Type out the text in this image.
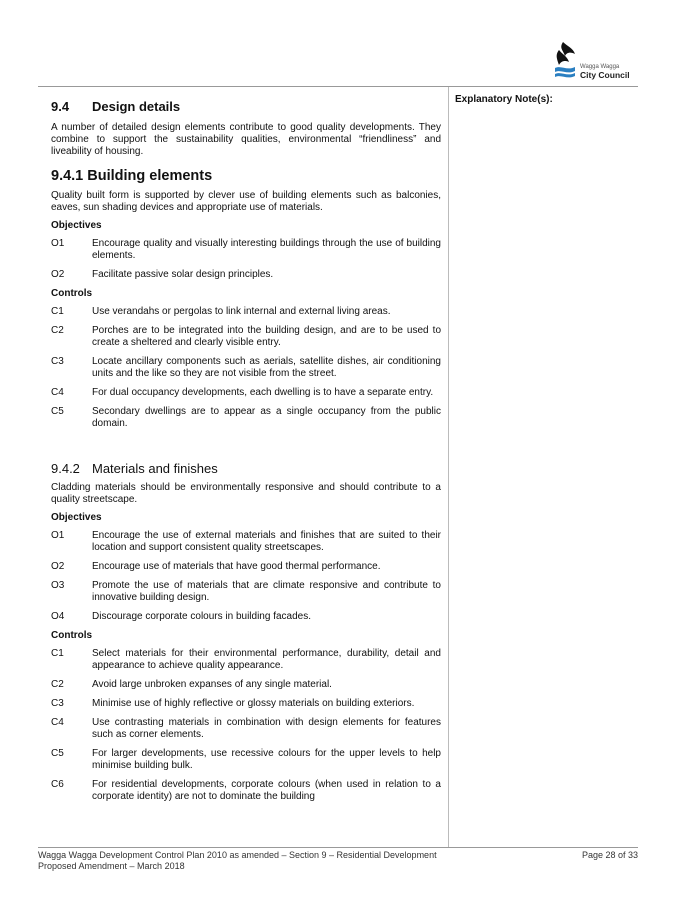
Wagga Wagga
City Council
Explanatory Note(s):
9.4 Design details

A number of detailed design elements contribute to good quality developments. They combine to support the sustainability qualities, environmental “friendliness” and liveability of housing.

9.4.1 Building elements

Quality built form is supported by clever use of building elements such as balconies, eaves, sun shading devices and appropriate use of materials.

Objectives
O1	Encourage quality and visually interesting buildings through the use of building elements.
O2	Facilitate passive solar design principles.
Controls
C1	Use verandahs or pergolas to link internal and external living areas.
C2	Porches are to be integrated into the building design, and are to be used to create a sheltered and clearly visible entry.
C3	Locate ancillary components such as aerials, satellite dishes, air conditioning units and the like so they are not visible from the street.
C4	For dual occupancy developments, each dwelling is to have a separate entry.
C5	Secondary dwellings are to appear as a single occupancy from the public domain.
9.4.2 Materials and finishes

Cladding materials should be environmentally responsive and should contribute to a quality streetscape.

Objectives
O1	Encourage the use of external materials and finishes that are suited to their location and support consistent quality streetscapes.
O2	Encourage use of materials that have good thermal performance.
O3	Promote the use of materials that are climate responsive and contribute to innovative building design.
O4	Discourage corporate colours in building facades.
Controls
C1	Select materials for their environmental performance, durability, detail and appearance to achieve quality appearance.
C2	Avoid large unbroken expanses of any single material.
C3	Minimise use of highly reflective or glossy materials on building exteriors.
C4	Use contrasting materials in combination with design elements for features such as corner elements.
C5	For larger developments, use recessive colours for the upper levels to help minimise building bulk.
C6	For residential developments, corporate colours (when used in relation to a corporate identity) are not to dominate the building
Wagga Wagga Development Control Plan 2010 as amended – Section 9 – Residential Development
Proposed Amendment – March 2018
Page 28 of 33
